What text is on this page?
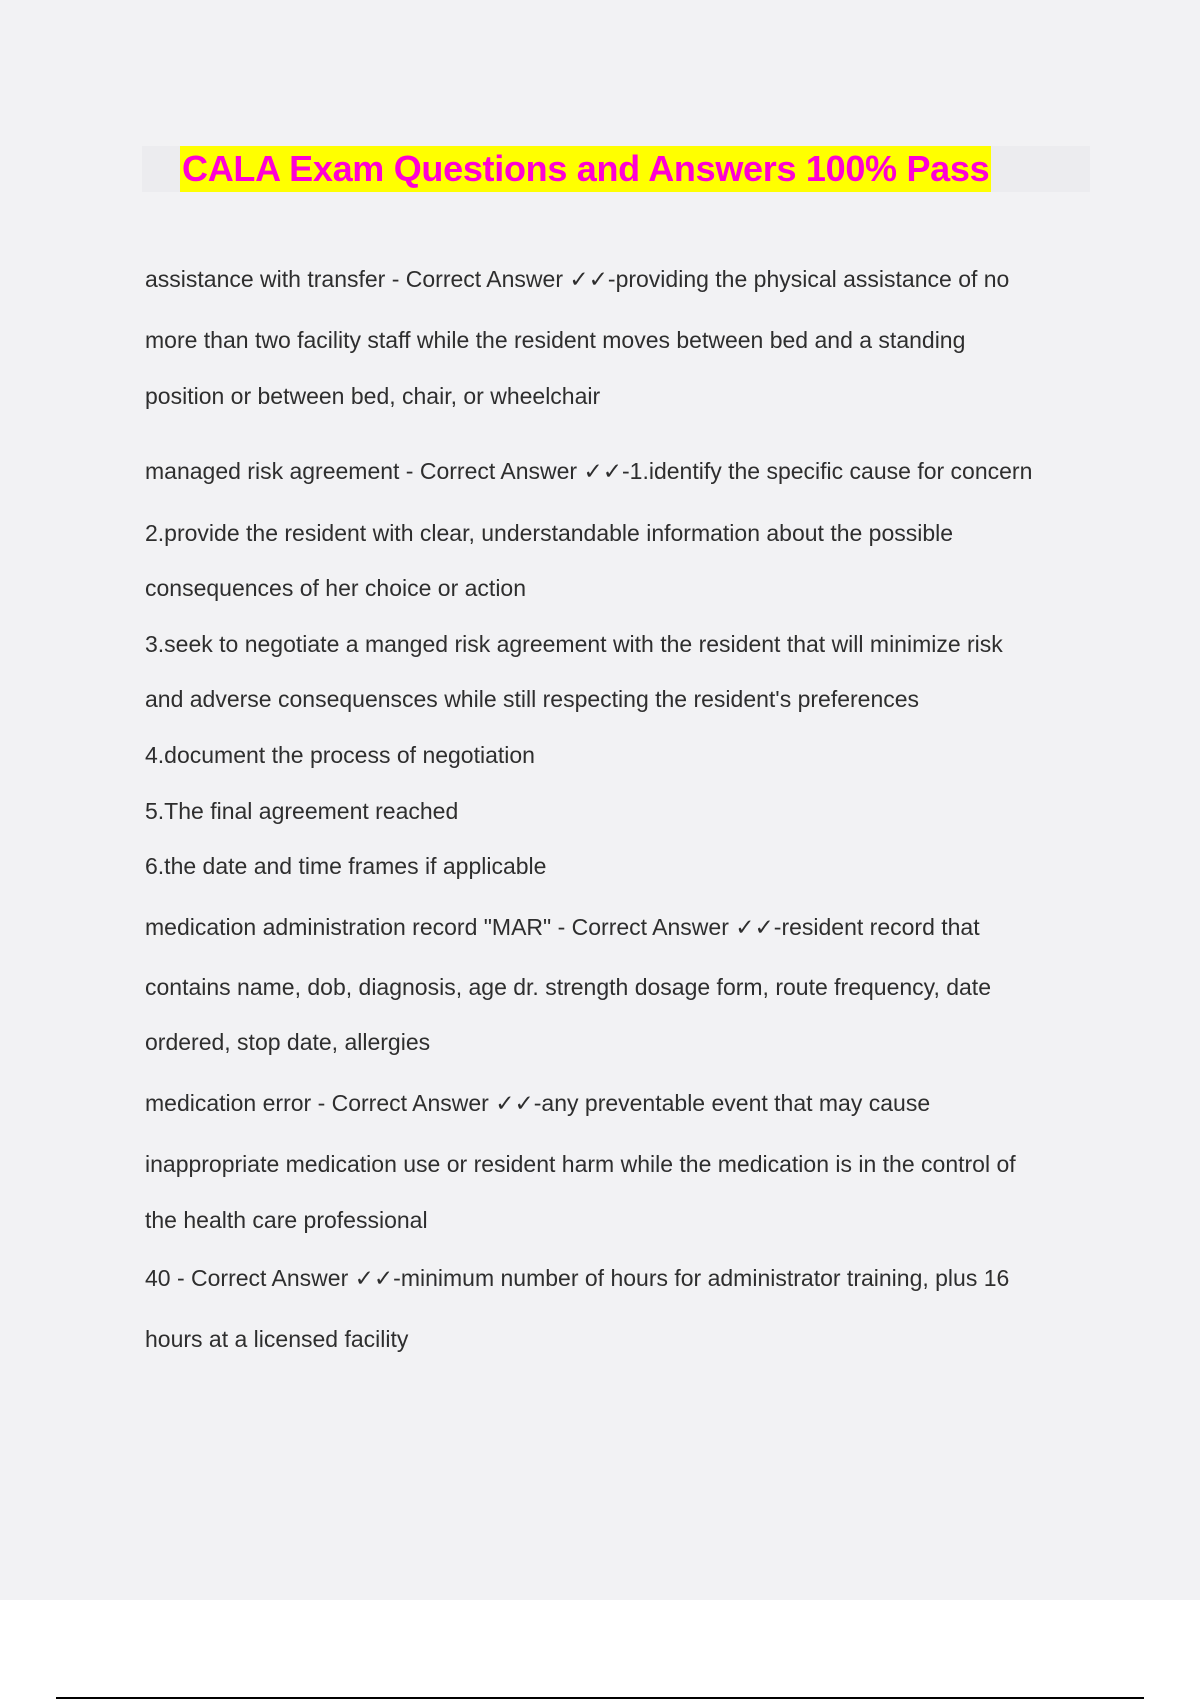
CALA Exam Questions and Answers 100% Pass
assistance with transfer - Correct Answer ✓✓-providing the physical assistance of no
more than two facility staff while the resident moves between bed and a standing
position or between bed, chair, or wheelchair
managed risk agreement - Correct Answer ✓✓-1.identify the specific cause for concern
2.provide the resident with clear, understandable information about the possible
consequences of her choice or action
3.seek to negotiate a manged risk agreement with the resident that will minimize risk
and adverse consequensces while still respecting the resident's preferences
4.document the process of negotiation
5.The final agreement reached
6.the date and time frames if applicable
medication administration record "MAR" - Correct Answer ✓✓-resident record that
contains name, dob, diagnosis, age dr. strength dosage form, route frequency, date
ordered, stop date, allergies
medication error - Correct Answer ✓✓-any preventable event that may cause
inappropriate medication use or resident harm while the medication is in the control of
the health care professional
40 - Correct Answer ✓✓-minimum number of hours for administrator training, plus 16
hours at a licensed facility
